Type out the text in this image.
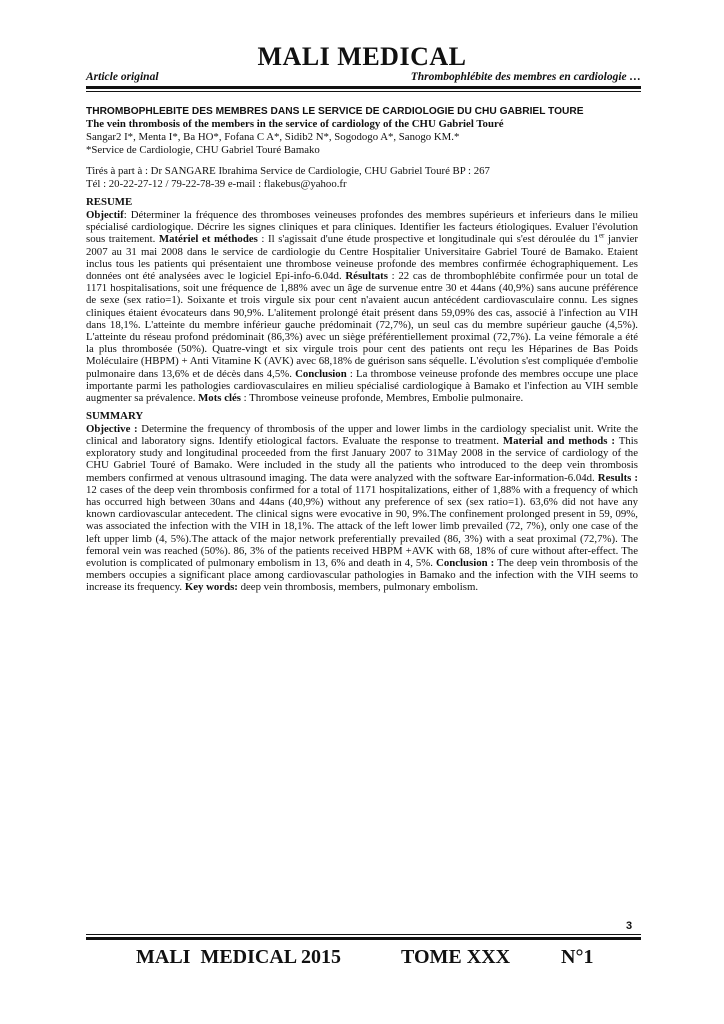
MALI MEDICAL
Article original	Thrombophlébite des membres en cardiologie …
THROMBOPHLEBITE DES MEMBRES DANS LE SERVICE DE CARDIOLOGIE DU CHU GABRIEL TOURE
The vein thrombosis of the members in the service of cardiology of the CHU Gabriel Touré
Sangar2 I*, Menta I*, Ba HO*, Fofana C A*, Sidib2 N*, Sogodogo A*, Sanogo KM.*
*Service de Cardiologie, CHU Gabriel Touré Bamako
Tirés à part à : Dr SANGARE Ibrahima Service de Cardiologie, CHU Gabriel Touré BP : 267
Tél : 20-22-27-12 / 79-22-78-39 e-mail : flakebus@yahoo.fr
RESUME
Objectif: Déterminer la fréquence des thromboses veineuses profondes des membres supérieurs et inferieurs dans le milieu spécialisé cardiologique. Décrire les signes cliniques et para cliniques. Identifier les facteurs étiologiques. Evaluer l'évolution sous traitement. Matériel et méthodes : Il s'agissait d'une étude prospective et longitudinale qui s'est déroulée du 1er janvier 2007 au 31 mai 2008 dans le service de cardiologie du Centre Hospitalier Universitaire Gabriel Touré de Bamako. Etaient inclus tous les patients qui présentaient une thrombose veineuse profonde des membres confirmée échographiquement. Les données ont été analysées avec le logiciel Epi-info-6.04d. Résultats : 22 cas de thrombophlébite confirmée pour un total de 1171 hospitalisations, soit une fréquence de 1,88% avec un âge de survenue entre 30 et 44ans (40,9%) sans aucune préférence de sexe (sex ratio=1). Soixante et trois virgule six pour cent n'avaient aucun antécédent cardiovasculaire connu. Les signes cliniques étaient évocateurs dans 90,9%. L'alitement prolongé était présent dans 59,09% des cas, associé à l'infection au VIH dans 18,1%. L'atteinte du membre inférieur gauche prédominait (72,7%), un seul cas du membre supérieur gauche (4,5%). L'atteinte du réseau profond prédominait (86,3%) avec un siège préférentiellement proximal (72,7%). La veine fémorale a été la plus thrombosée (50%). Quatre-vingt et six virgule trois pour cent des patients ont reçu les Héparines de Bas Poids Moléculaire (HBPM) + Anti Vitamine K (AVK) avec 68,18% de guérison sans séquelle. L'évolution s'est compliquée d'embolie pulmonaire dans 13,6% et de décès dans 4,5%. Conclusion : La thrombose veineuse profonde des membres occupe une place importante parmi les pathologies cardiovasculaires en milieu spécialisé cardiologique à Bamako et l'infection au VIH semble augmenter sa prévalence. Mots clés : Thrombose veineuse profonde, Membres, Embolie pulmonaire.
SUMMARY
Objective : Determine the frequency of thrombosis of the upper and lower limbs in the cardiology specialist unit. Write the clinical and laboratory signs. Identify etiological factors. Evaluate the response to treatment. Material and methods : This exploratory study and longitudinal proceeded from the first January 2007 to 31May 2008 in the service of cardiology of the CHU Gabriel Touré of Bamako. Were included in the study all the patients who introduced to the deep vein thrombosis members confirmed at venous ultrasound imaging. The data were analyzed with the software Ear-information-6.04d. Results : 12 cases of the deep vein thrombosis confirmed for a total of 1171 hospitalizations, either of 1,88% with a frequency of which has occurred high between 30ans and 44ans (40,9%) without any preference of sex (sex ratio=1). 63,6% did not have any known cardiovascular antecedent. The clinical signs were evocative in 90, 9%.The confinement prolonged present in 59, 09%, was associated the infection with the VIH in 18,1%. The attack of the left lower limb prevailed (72, 7%), only one case of the left upper limb (4, 5%).The attack of the major network preferentially prevailed (86, 3%) with a seat proximal (72,7%). The femoral vein was reached (50%). 86, 3% of the patients received HBPM +AVK with 68, 18% of cure without after-effect. The evolution is complicated of pulmonary embolism in 13, 6% and death in 4, 5%. Conclusion : The deep vein thrombosis of the members occupies a significant place among cardiovascular pathologies in Bamako and the infection with the VIH seems to increase its frequency. Key words: deep vein thrombosis, members, pulmonary embolism.
3
MALI  MEDICAL 2015	TOME XXX	N°1
